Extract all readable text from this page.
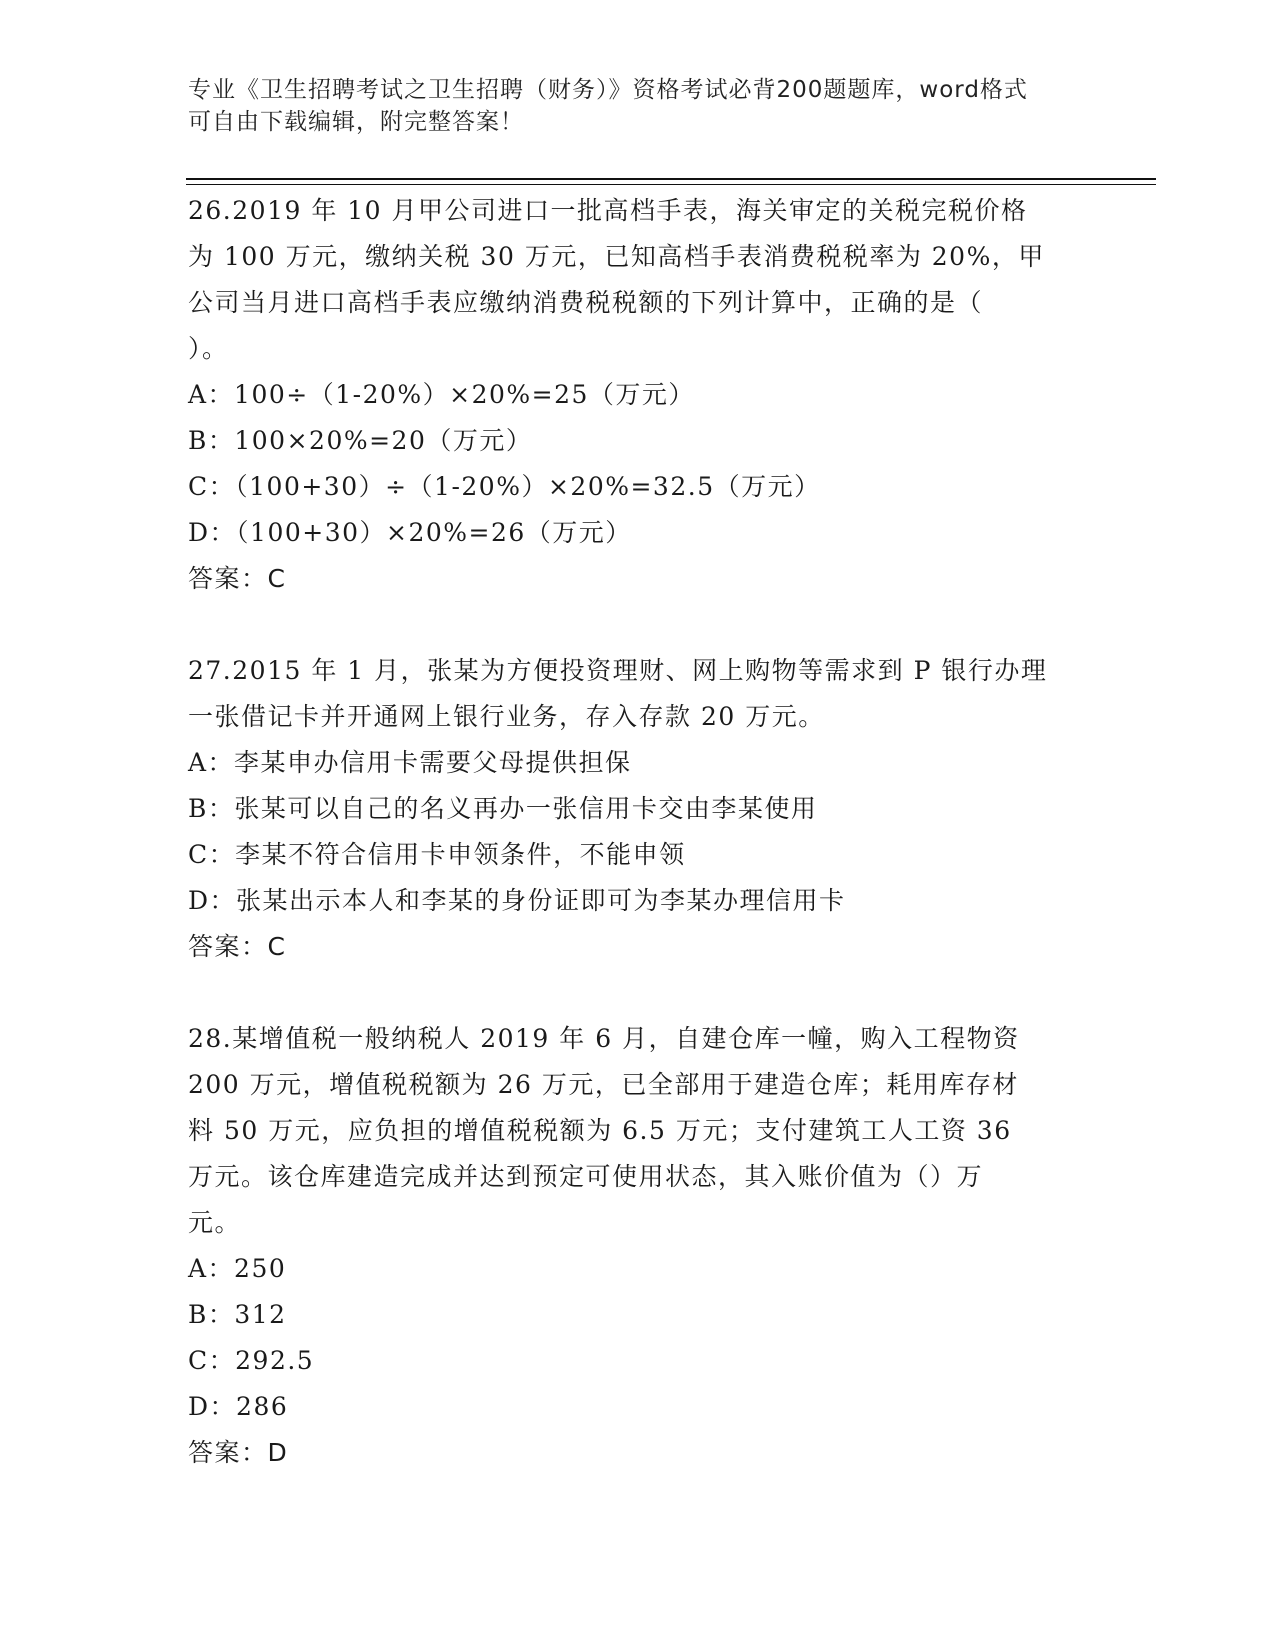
专业《卫生招聘考试之卫生招聘（财务）》资格考试必背200题题库，word格式
可自由下载编辑，附完整答案！
26.2019 年 10 月甲公司进口一批高档手表，海关审定的关税完税价格
为 100 万元，缴纳关税 30 万元，已知高档手表消费税税率为 20%，甲
公司当月进口高档手表应缴纳消费税税额的下列计算中，正确的是（
）。
A：100÷（1-20%）×20%=25（万元）
B：100×20%=20（万元）
C：（100+30）÷（1-20%）×20%=32.5（万元）
D：（100+30）×20%=26（万元）
答案：C
27.2015 年 1 月，张某为方便投资理财、网上购物等需求到 P 银行办理
一张借记卡并开通网上银行业务，存入存款 20 万元。
A：李某申办信用卡需要父母提供担保
B：张某可以自己的名义再办一张信用卡交由李某使用
C：李某不符合信用卡申领条件，不能申领
D：张某出示本人和李某的身份证即可为李某办理信用卡
答案：C
28.某增值税一般纳税人 2019 年 6 月，自建仓库一幢，购入工程物资
200 万元，增值税税额为 26 万元，已全部用于建造仓库；耗用库存材
料 50 万元，应负担的增值税税额为 6.5 万元；支付建筑工人工资 36
万元。该仓库建造完成并达到预定可使用状态，其入账价值为（）万
元。
A：250
B：312
C：292.5
D：286
答案：D
